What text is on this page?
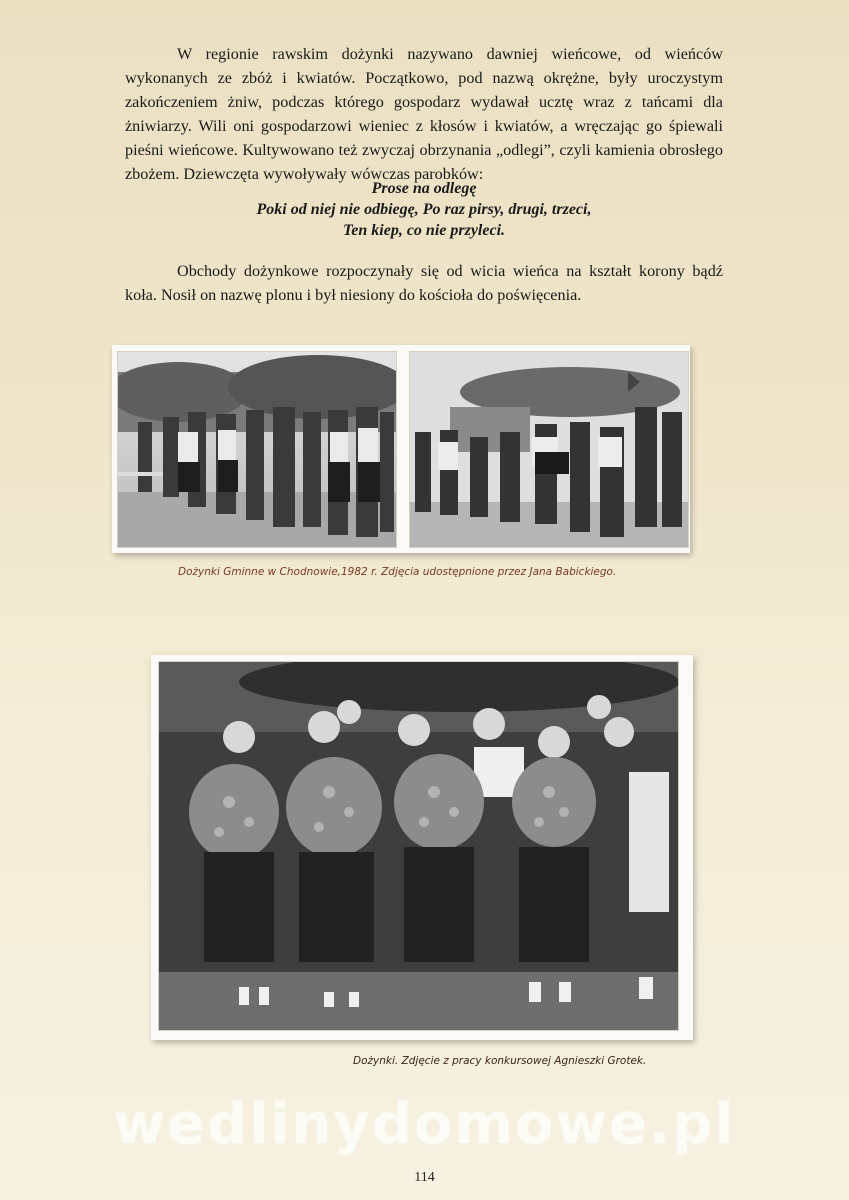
W regionie rawskim dożynki nazywano dawniej wieńcowe, od wieńców wykonanych ze zbóż i kwiatów. Początkowo, pod nazwą okrężne, były uroczystym zakończeniem żniw, podczas którego gospodarz wydawał ucztę wraz z tańcami dla żniwiarzy. Wili oni gospodarzowi wieniec z kłosów i kwiatów, a wręczając go śpiewali pieśni wieńcowe. Kultywowano też zwyczaj obrzynania „odlegi”, czyli kamienia obrosłego zbożem. Dziewczęta wywoływały wówczas parobków:

Prose na odlegę
Poki od niej nie odbiegę, Po raz pirsy, drugi, trzeci,
Ten kiep, co nie przyleci.

Obchody dożynkowe rozpoczynały się od wicia wieńca na kształt korony bądź koła. Nosił on nazwę plonu i był niesiony do kościoła do poświęcenia.

Dożynki Gminne w Chodnowie,1982 r. Zdjęcia udostępnione przez Jana Babickiego.
Dożynki. Zdjęcie z pracy konkursowej Agnieszki Grotek.
wedlinydomowe.pl
114
